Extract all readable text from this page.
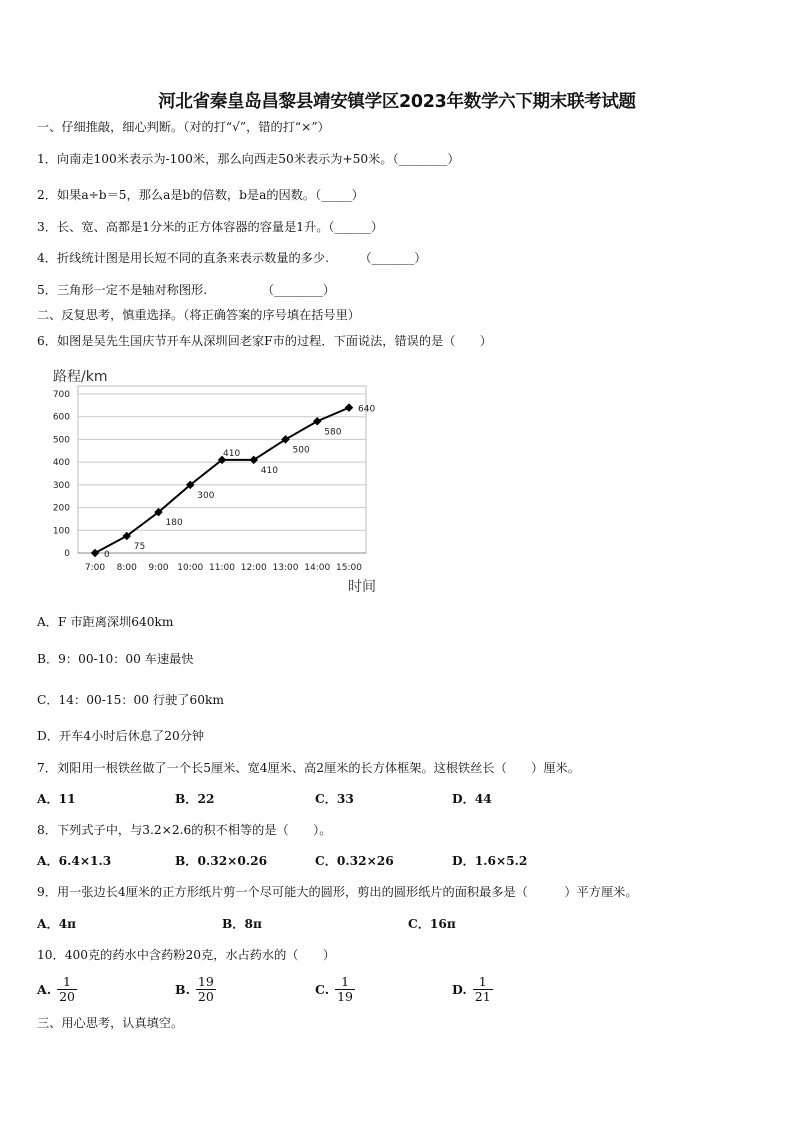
河北省秦皇岛昌黎县靖安镇学区2023年数学六下期末联考试题
一、仔细推敲，细心判断。（对的打“√”，错的打“×”）
1．向南走100米表示为-100米，那么向西走50米表示为+50米。（________）
2．如果a÷b＝5，那么a是b的倍数，b是a的因数。（_____）
3．长、宽、高都是1分米的正方体容器的容量是1升。（______）
4．折线统计图是用长短不同的直条来表示数量的多少.　　　（_______）
5．三角形一定不是轴对称图形.　　　　　（________）
二、反复思考，慎重选择。（将正确答案的序号填在括号里）
6．如图是吴先生国庆节开车从深圳回老家F市的过程．下面说法，错误的是（　　）
路程/km
0
100
200
300
400
500
600
700
7:00 8:00 9:00 10:00 11:00 12:00 13:00 14:00 15:00
0
75
180
300
410
410
500
580
640
时间
A．F 市距离深圳640km
B．9：00-10：00 车速最快
C．14：00-15：00 行驶了60km
D．开车4小时后休息了20分钟
7．刘阳用一根铁丝做了一个长5厘米、宽4厘米、高2厘米的长方体框架。这根铁丝长（　　）厘米。
A．11	B．22	C．33	D．44
8．下列式子中，与3.2×2.6的积不相等的是（　　）。
A．6.4×1.3	B．0.32×0.26	C．0.32×26	D．1.6×5.2
9．用一张边长4厘米的正方形纸片剪一个尽可能大的圆形，剪出的圆形纸片的面积最多是（　　　）平方厘米。
A．4π	B．8π	C．16π
10．400克的药水中含药粉20克，水占药水的（　　）
A. $\frac{1}{20}$	B. $\frac{19}{20}$	C. $\frac{1}{19}$	D. $\frac{1}{21}$
三、用心思考，认真填空。
